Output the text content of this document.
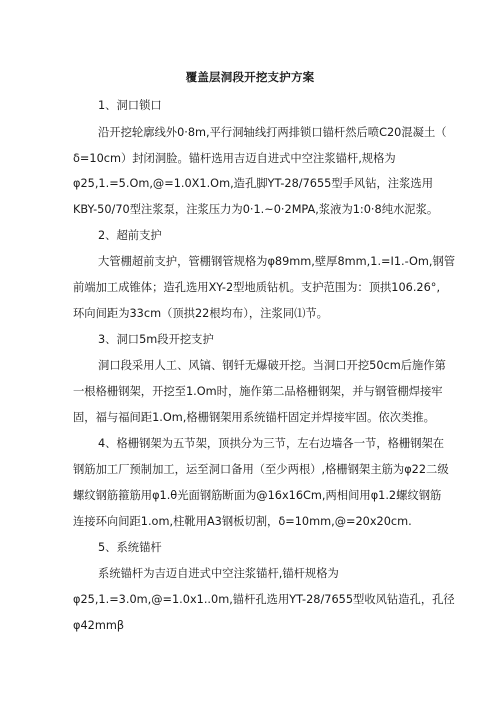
覆盖层洞段开挖支护方案
1、洞口锁口
沿开挖轮廓线外0·8m,平行洞轴线打两排锁口锚杆然后喷C20混凝土（
δ=10cm）封闭洞脸。锚杆选用吉迈自进式中空注浆锚杆,规格为
φ25,1.=5.Om,@=1.0X1.Om,造孔脚YT-28/7655型手风钻，注浆选用
KBY-50/70型注浆泵，注浆压力为0·1.~0·2MPA,浆液为1:0·8纯水泥浆。
2、超前支护
大管棚超前支护，管棚钢管规格为φ89mm,壁厚8mm,1.=I1.-Om,钢管
前端加工成锥体；造孔选用XY-2型地质钻机。支护范围为：顶拱106.26°,
环向间距为33cm（顶拱22根均布），注浆同⑴节。
3、洞口5m段开挖支护
洞口段采用人工、风镐、钢钎无爆破开挖。当洞口开挖50cm后施作第
一根格栅钢架，开挖至1.Om时，施作第二品格栅钢架，并与钢管棚焊接牢
固，福与福间距1.Om,格栅钢架用系统锚杆固定并焊接牢固。依次类推。
4、格栅钢架为五节架，顶拱分为三节，左右边墙各一节，格栅钢架在
钢筋加工厂预制加工，运至洞口备用（至少两根）,格栅钢架主筋为φ22二级
螺纹钢筋箍筋用φ1.θ光面钢筋断面为@16x16Cm,两相间用φ1.2螺纹钢筋
连接环向间距1.om,柱靴用A3钢板切割，δ=10mm,@=20x20cm.
5、系统锚杆
系统锚杆为吉迈自进式中空注浆锚杆,锚杆规格为
φ25,1.=3.0m,@=1.0x1..0m,锚杆孔选用YT-28/7655型收风钻造孔，孔径
φ42mmβ
